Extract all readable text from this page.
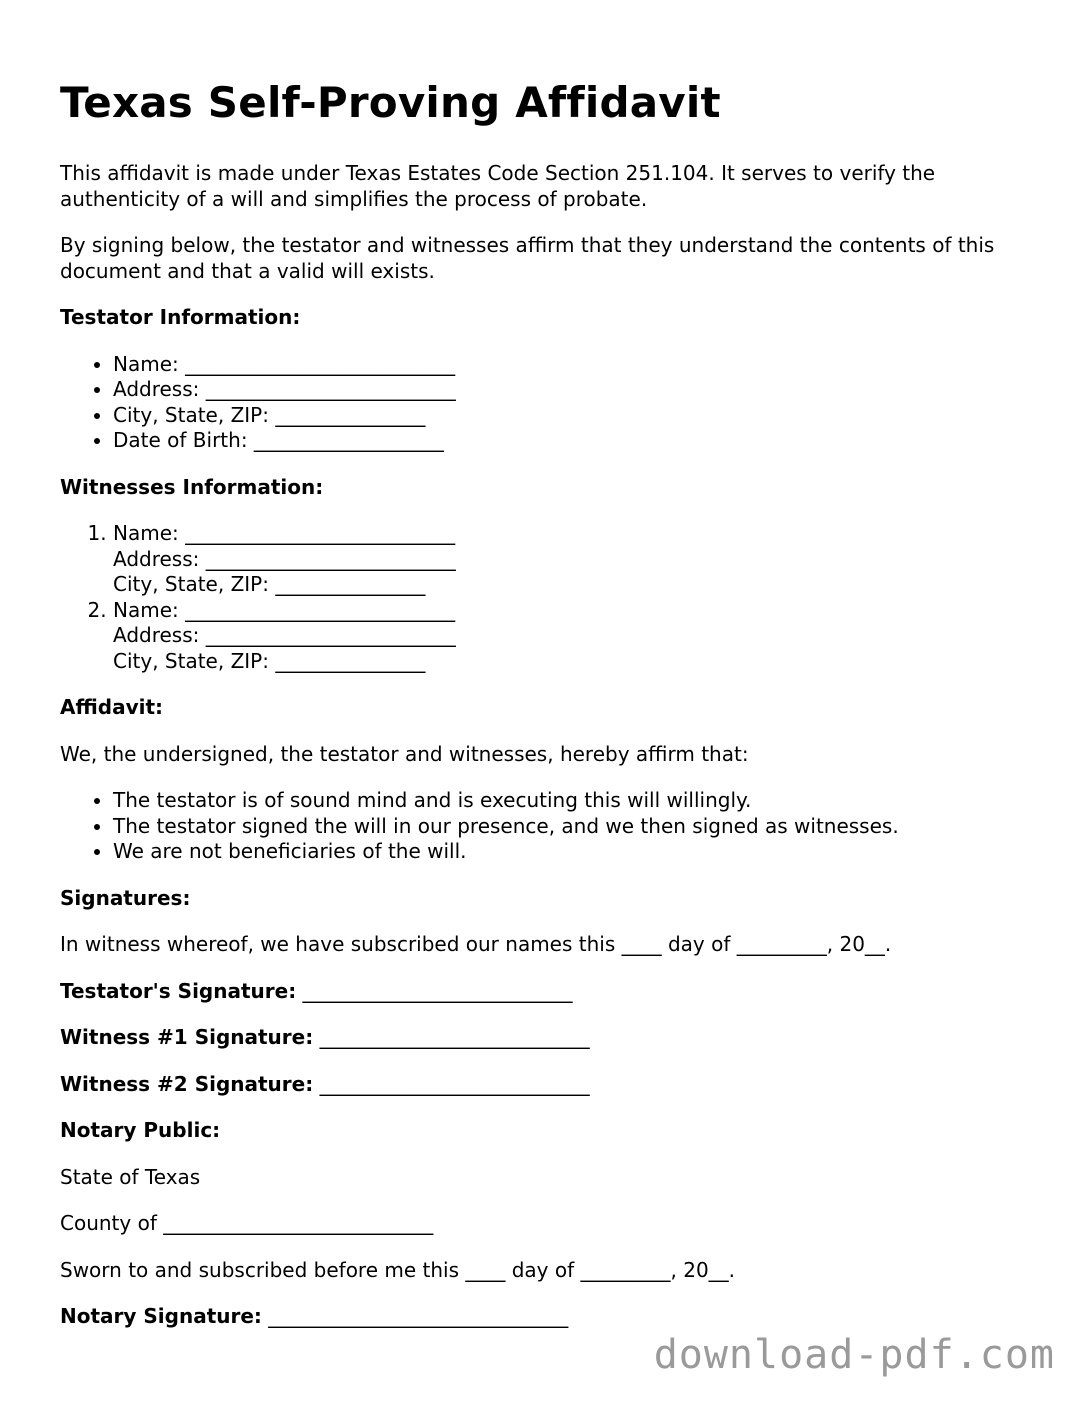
Texas Self-Proving Affidavit

This affidavit is made under Texas Estates Code Section 251.104. It serves to verify the authenticity of a will and simplifies the process of probate.

By signing below, the testator and witnesses affirm that they understand the contents of this document and that a valid will exists.

Testator Information:
• Name: ___________________________
• Address: _________________________
• City, State, ZIP: _______________
• Date of Birth: ___________________
Witnesses Information:
1. Name: ___________________________
Address: _________________________
City, State, ZIP: _______________
2. Name: ___________________________
Address: _________________________
City, State, ZIP: _______________
Affidavit:

We, the undersigned, the testator and witnesses, hereby affirm that:

• The testator is of sound mind and is executing this will willingly.
• The testator signed the will in our presence, and we then signed as witnesses.
• We are not beneficiaries of the will.
Signatures:

In witness whereof, we have subscribed our names this ____ day of _________, 20__.

Testator's Signature: ___________________________

Witness #1 Signature: ___________________________

Witness #2 Signature: ___________________________

Notary Public:

State of Texas

County of ___________________________

Sworn to and subscribed before me this ____ day of _________, 20__.

Notary Signature: ______________________________

download-pdf.com
